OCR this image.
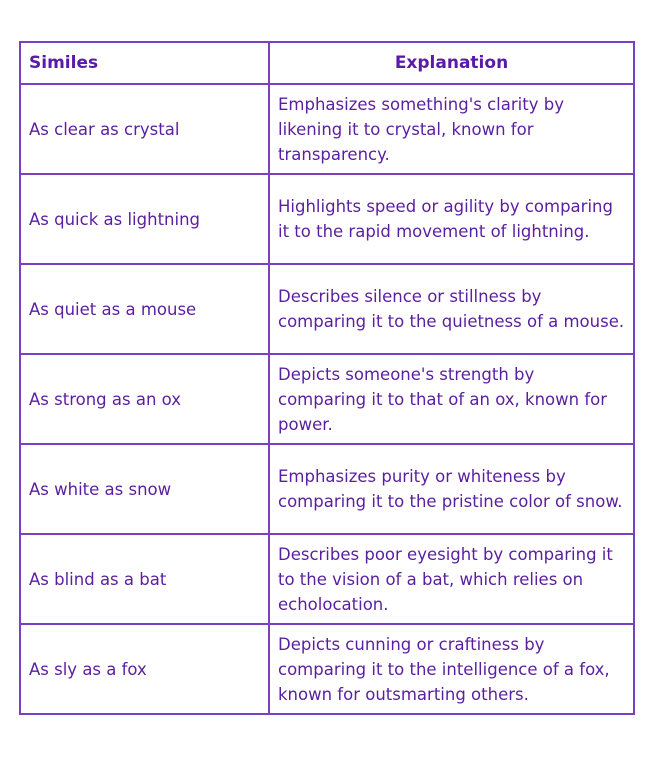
Similes	Explanation
As clear as crystal	Emphasizes something's clarity by likening it to crystal, known for transparency.
As quick as lightning	Highlights speed or agility by comparing it to the rapid movement of lightning.
As quiet as a mouse	Describes silence or stillness by comparing it to the quietness of a mouse.
As strong as an ox	Depicts someone's strength by comparing it to that of an ox, known for power.
As white as snow	Emphasizes purity or whiteness by comparing it to the pristine color of snow.
As blind as a bat	Describes poor eyesight by comparing it to the vision of a bat, which relies on echolocation.
As sly as a fox	Depicts cunning or craftiness by comparing it to the intelligence of a fox, known for outsmarting others.
